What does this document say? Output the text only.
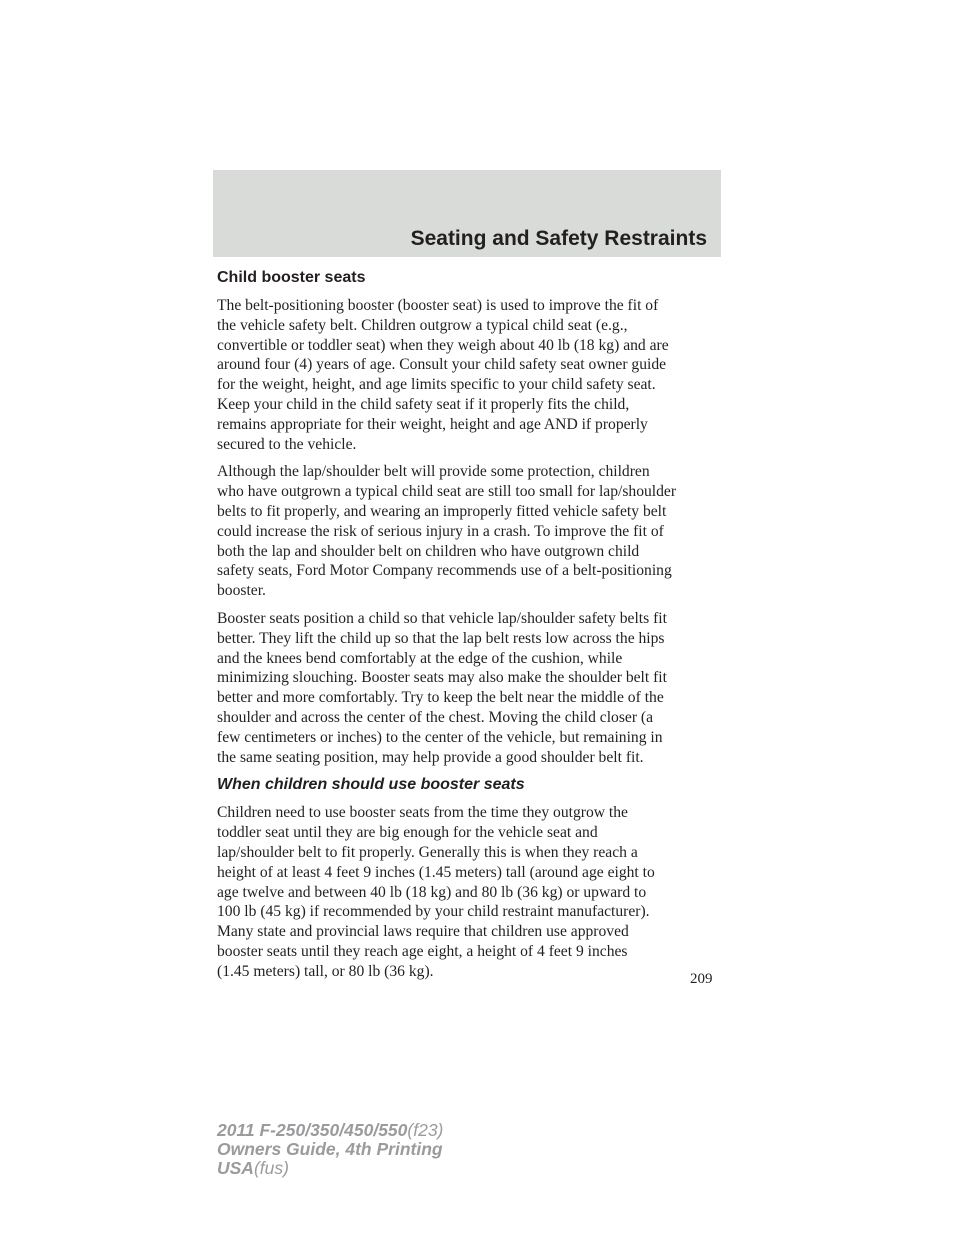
Seating and Safety Restraints
Child booster seats

The belt-positioning booster (booster seat) is used to improve the fit of
the vehicle safety belt. Children outgrow a typical child seat (e.g.,
convertible or toddler seat) when they weigh about 40 lb (18 kg) and are
around four (4) years of age. Consult your child safety seat owner guide
for the weight, height, and age limits specific to your child safety seat.
Keep your child in the child safety seat if it properly fits the child,
remains appropriate for their weight, height and age AND if properly
secured to the vehicle.

Although the lap/shoulder belt will provide some protection, children
who have outgrown a typical child seat are still too small for lap/shoulder
belts to fit properly, and wearing an improperly fitted vehicle safety belt
could increase the risk of serious injury in a crash. To improve the fit of
both the lap and shoulder belt on children who have outgrown child
safety seats, Ford Motor Company recommends use of a belt-positioning
booster.

Booster seats position a child so that vehicle lap/shoulder safety belts fit
better. They lift the child up so that the lap belt rests low across the hips
and the knees bend comfortably at the edge of the cushion, while
minimizing slouching. Booster seats may also make the shoulder belt fit
better and more comfortably. Try to keep the belt near the middle of the
shoulder and across the center of the chest. Moving the child closer (a
few centimeters or inches) to the center of the vehicle, but remaining in
the same seating position, may help provide a good shoulder belt fit.

When children should use booster seats

Children need to use booster seats from the time they outgrow the
toddler seat until they are big enough for the vehicle seat and
lap/shoulder belt to fit properly. Generally this is when they reach a
height of at least 4 feet 9 inches (1.45 meters) tall (around age eight to
age twelve and between 40 lb (18 kg) and 80 lb (36 kg) or upward to
100 lb (45 kg) if recommended by your child restraint manufacturer).
Many state and provincial laws require that children use approved
booster seats until they reach age eight, a height of 4 feet 9 inches
(1.45 meters) tall, or 80 lb (36 kg).	209

2011 F-250/350/450/550(f23)
Owners Guide, 4th Printing
USA(fus)
